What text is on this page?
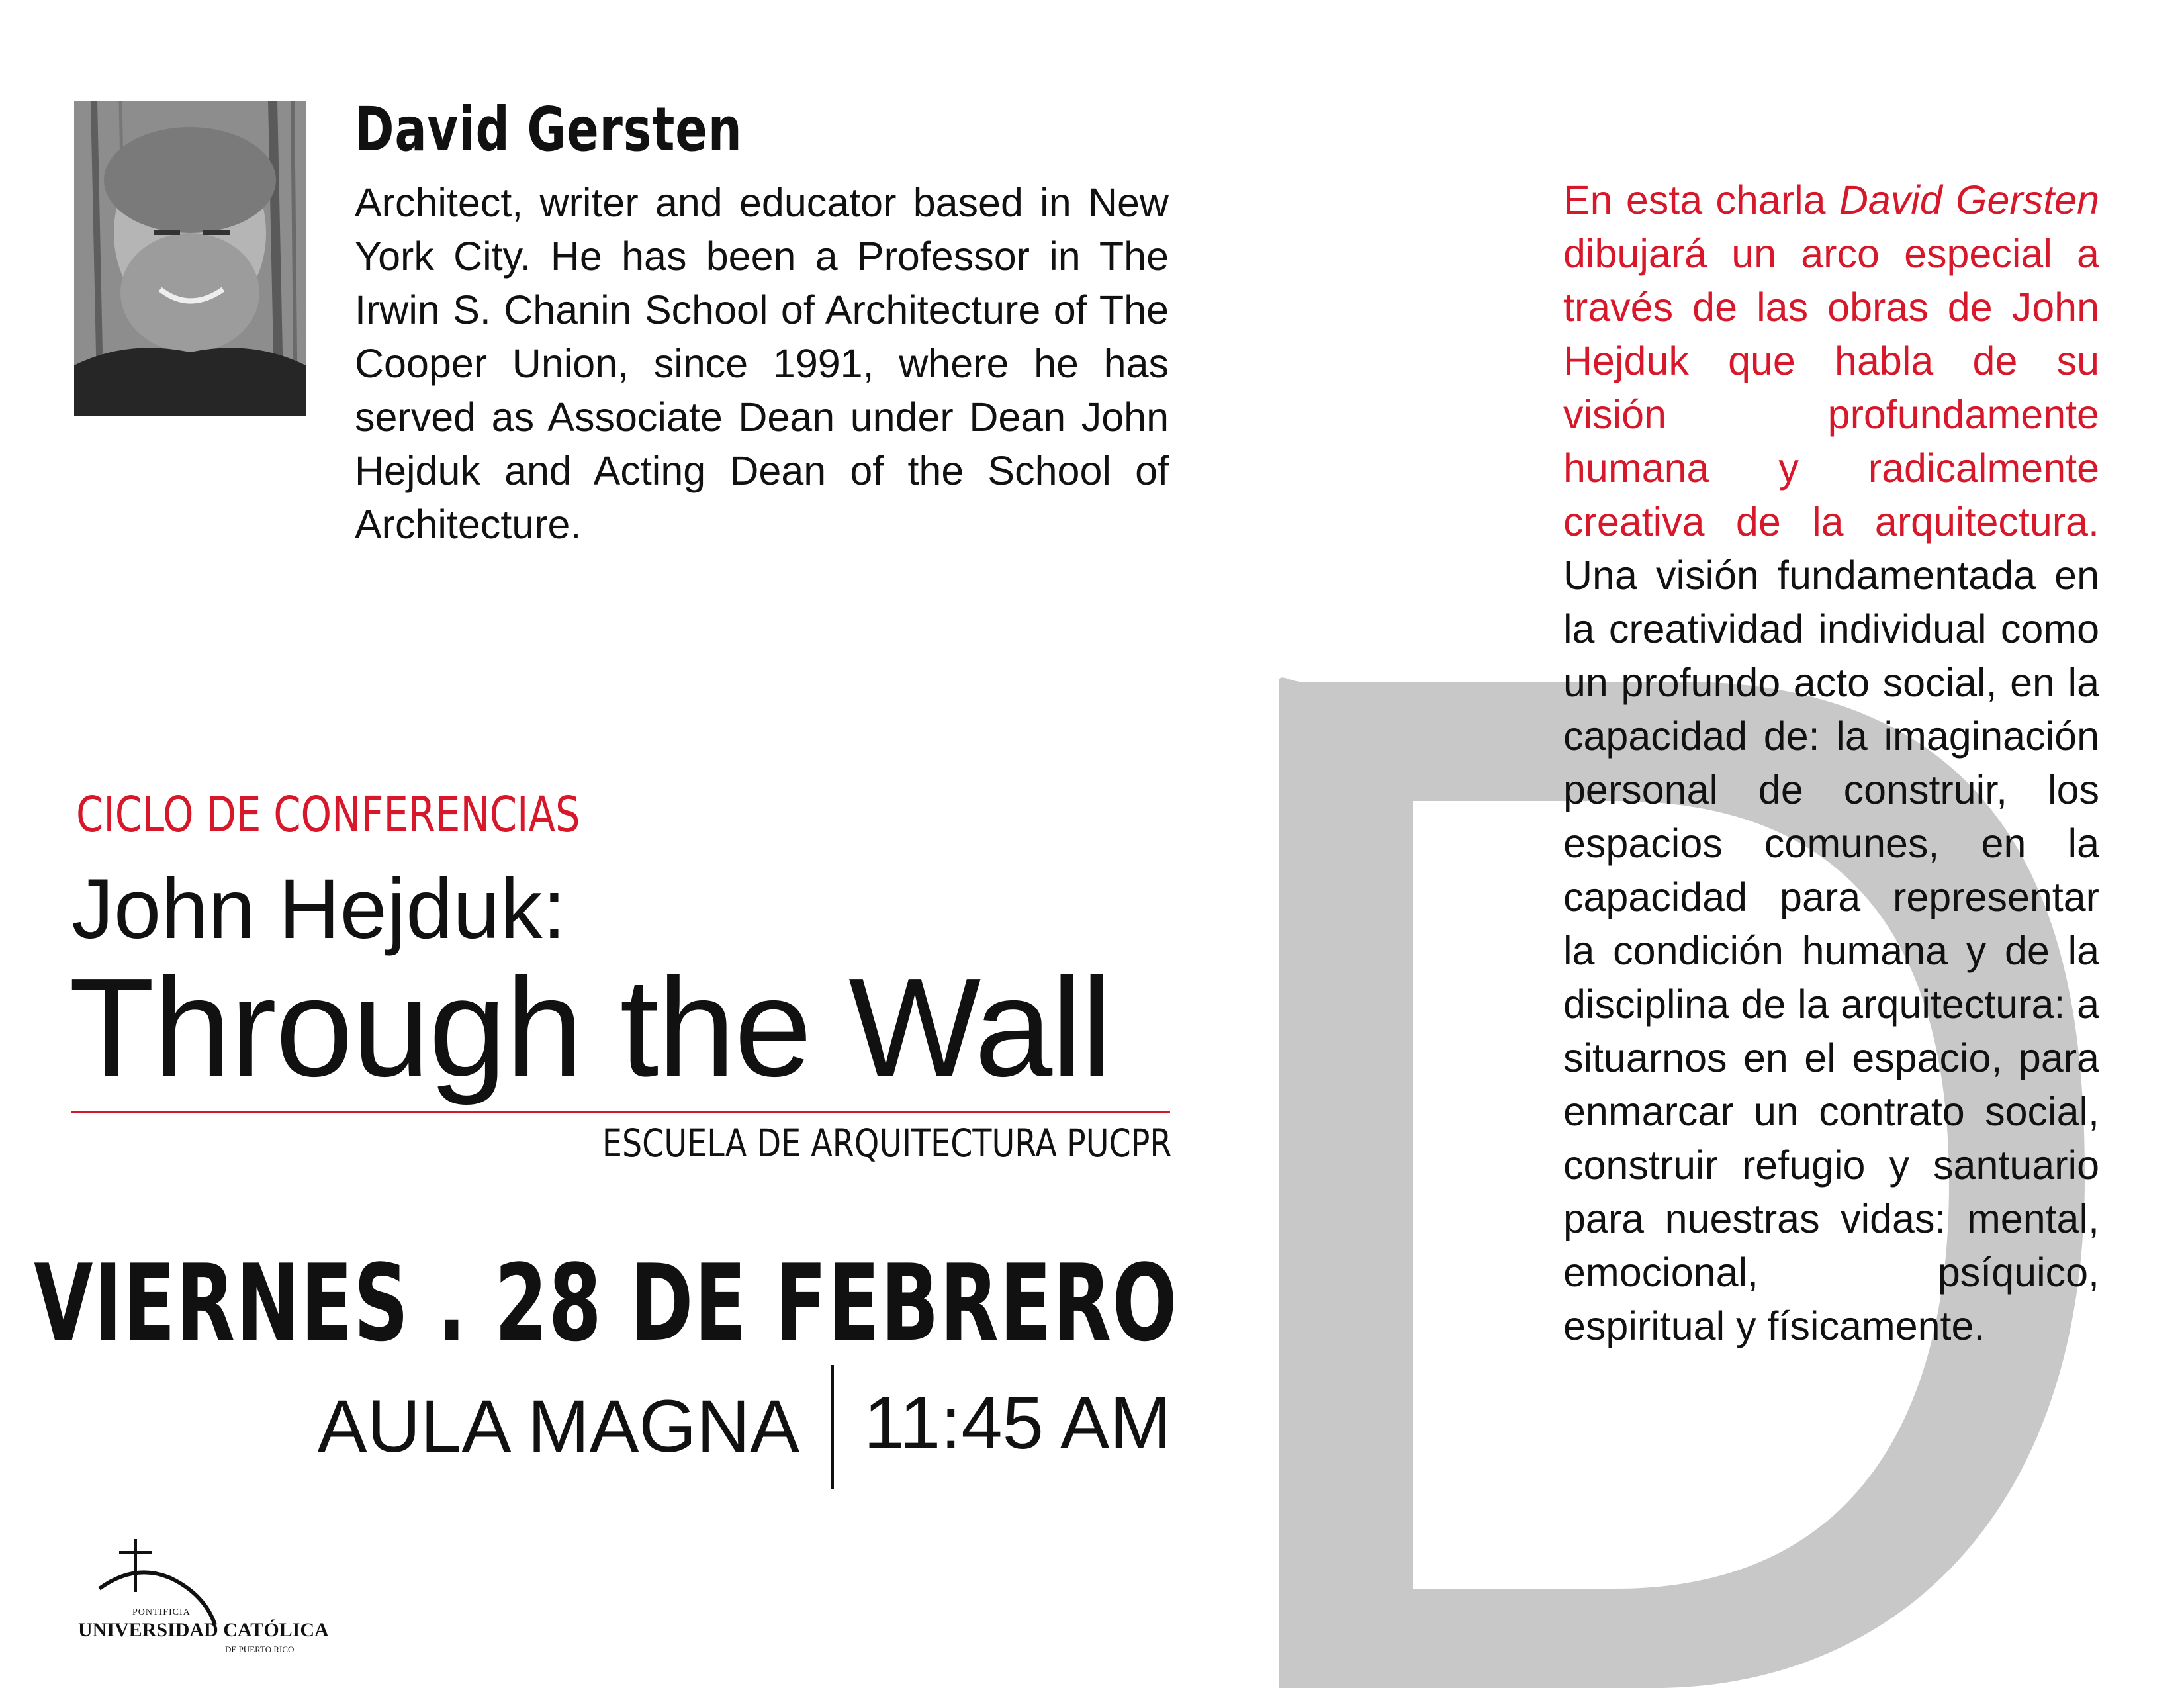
David Gersten
Architect, writer and educator based in New York City. He has been a Professor in The Irwin S. Chanin School of Architecture of The Cooper Union, since 1991, where he has served as Associate Dean under Dean John Hejduk and Acting Dean of the School of Architecture.
CICLO DE CONFERENCIAS
John Hejduk:
Through the Wall
ESCUELA DE ARQUITECTURA PUCPR
VIERNES . 28 DE FEBRERO
AULA MAGNA 11:45 AM
PONTIFICIA
UNIVERSIDAD CATÓLICA
DE PUERTO RICO
En esta charla David Gersten dibujará un arco especial a través de las obras de John Hejduk que habla de su visión profundamente humana y radicalmente creativa de la arquitectura. Una visión fundamentada en la creatividad individual como un profundo acto social, en la capacidad de: la imaginación personal de construir, los espacios comunes, en la capacidad para representar la condición humana y de la disciplina de la arquitectura: a situarnos en el espacio, para enmarcar un contrato social, construir refugio y santuario para nuestras vidas: mental, emocional, psíquico, espiritual y físicamente.
